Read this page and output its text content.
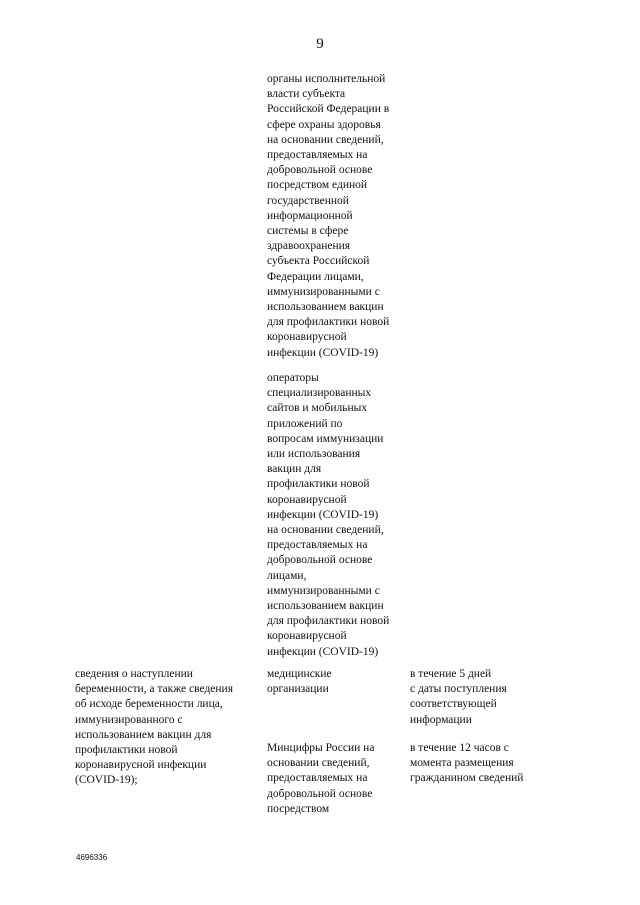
9
органы исполнительной
власти субъекта
Российской Федерации в
сфере охраны здоровья
на основании сведений,
предоставляемых на
добровольной основе
посредством единой
государственной
информационной
системы в сфере
здравоохранения
субъекта Российской
Федерации лицами,
иммунизированными с
использованием вакцин
для профилактики новой
коронавирусной
инфекции (COVID-19)
операторы
специализированных
сайтов и мобильных
приложений по
вопросам иммунизации
или использования
вакцин для
профилактики новой
коронавирусной
инфекции (COVID-19)
на основании сведений,
предоставляемых на
добровольной основе
лицами,
иммунизированными с
использованием вакцин
для профилактики новой
коронавирусной
инфекции (COVID-19)
сведения о наступлении
беременности, а также сведения
об исходе беременности лица,
иммунизированного с
использованием вакцин для
профилактики новой
коронавирусной инфекции
(COVID-19);
медицинские
организации
в течение 5 дней
с даты поступления
соответствующей
информации
Минцифры России на
основании сведений,
предоставляемых на
добровольной основе
посредством
в течение 12 часов с
момента размещения
гражданином сведений
4696336
